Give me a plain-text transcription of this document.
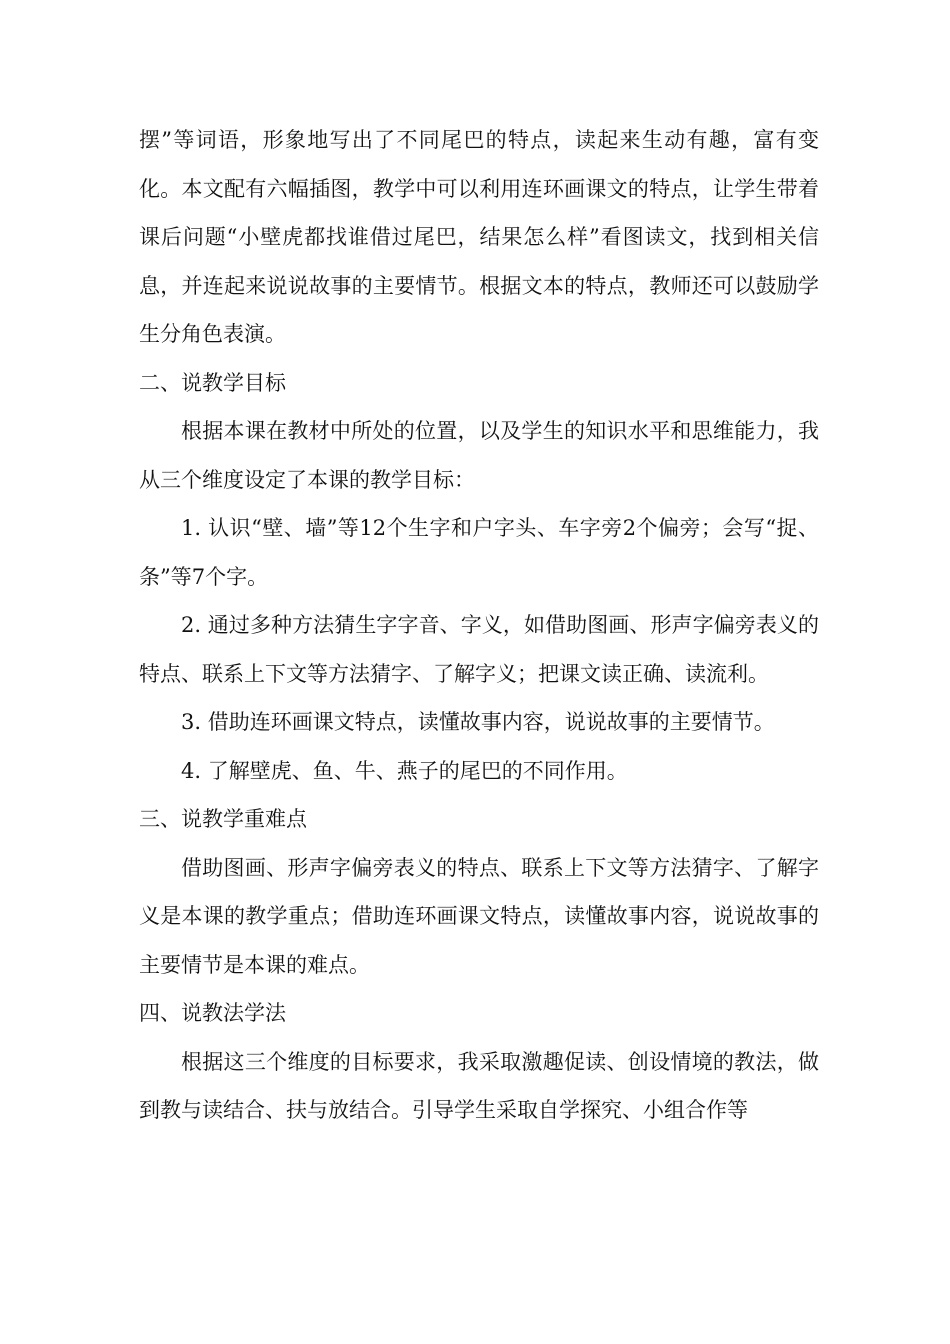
摆”等词语，形象地写出了不同尾巴的特点，读起来生动有趣，富有变化。本文配有六幅插图，教学中可以利用连环画课文的特点，让学生带着课后问题“小壁虎都找谁借过尾巴，结果怎么样”看图读文，找到相关信息，并连起来说说故事的主要情节。根据文本的特点，教师还可以鼓励学生分角色表演。

二、说教学目标

根据本课在教材中所处的位置，以及学生的知识水平和思维能力，我从三个维度设定了本课的教学目标：

1. 认识“壁、墙”等12个生字和户字头、车字旁2个偏旁；会写“捉、条”等7个字。

2. 通过多种方法猜生字字音、字义，如借助图画、形声字偏旁表义的特点、联系上下文等方法猜字、了解字义；把课文读正确、读流利。

3. 借助连环画课文特点，读懂故事内容，说说故事的主要情节。

4. 了解壁虎、鱼、牛、燕子的尾巴的不同作用。

三、说教学重难点

借助图画、形声字偏旁表义的特点、联系上下文等方法猜字、了解字义是本课的教学重点；借助连环画课文特点，读懂故事内容，说说故事的主要情节是本课的难点。

四、说教法学法

根据这三个维度的目标要求，我采取激趣促读、创设情境的教法，做到教与读结合、扶与放结合。引导学生采取自学探究、小组合作等
